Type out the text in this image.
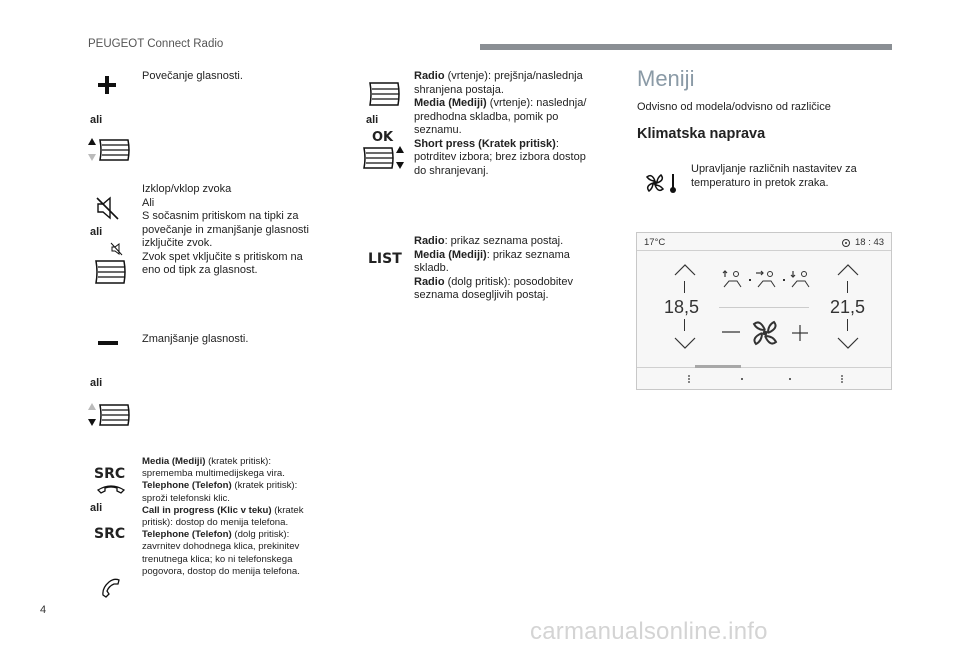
PEUGEOT Connect Radio
Povečanje glasnosti.
ali
ali
Izklop/vklop zvoka
Ali
S sočasnim pritiskom na tipki za
povečanje in zmanjšanje glasnosti
izključite zvok.
Zvok spet vključite s pritiskom na
eno od tipk za glasnost.
Zmanjšanje glasnosti.
ali
SRC
ali
SRC
Media (Mediji) (kratek pritisk):
sprememba multimedijskega vira.
Telephone (Telefon) (kratek pritisk):
sproži telefonski klic.
Call in progress (Klic v teku) (kratek
pritisk): dostop do menija telefona.
Telephone (Telefon) (dolg pritisk):
zavrnitev dohodnega klica, prekinitev
trenutnega klica; ko ni telefonskega
pogovora, dostop do menija telefona.
ali
OK
Radio (vrtenje): prejšnja/naslednja
shranjena postaja.
Media (Mediji) (vrtenje): naslednja/
predhodna skladba, pomik po
seznamu.
Short press (Kratek pritisk):
potrditev izbora; brez izbora dostop
do shranjevanj.
LIST
Radio: prikaz seznama postaj.
Media (Mediji): prikaz seznama
skladb.
Radio (dolg pritisk): posodobitev
seznama dosegljivih postaj.
Meniji
Odvisno od modela/odvisno od različice
Klimatska naprava
Upravljanje različnih nastavitev za
temperaturo in pretok zraka.
17°C	18 : 43
18,5	21,5
4
carmanualsonline.info
